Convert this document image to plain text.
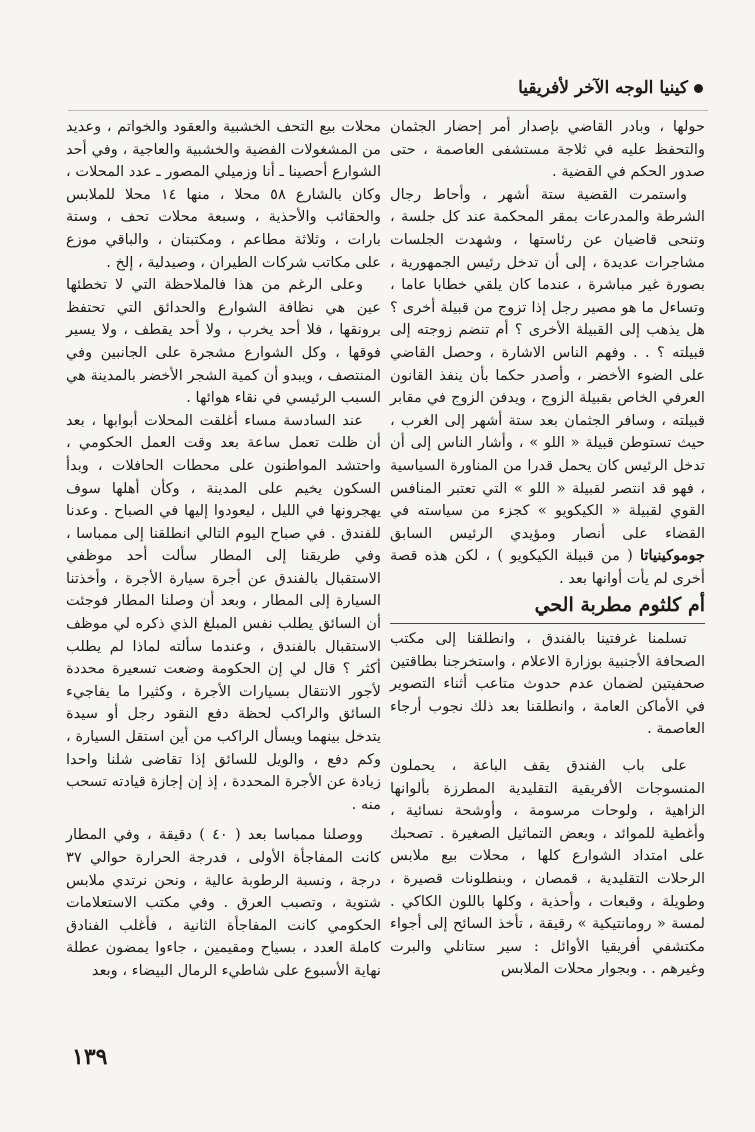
كينيا الوجه الآخر لأفريقيا

حولها ، وبادر القاضي بإصدار أمر إحضار الجثمان والتحفظ عليه في ثلاجة مستشفى العاصمة ، حتى صدور الحكم في القضية .

واستمرت القضية ستة أشهر ، وأحاط رجال الشرطة والمدرعات بمقر المحكمة عند كل جلسة ، وتنحى قاضيان عن رئاستها ، وشهدت الجلسات مشاجرات عديدة ، إلى أن تدخل رئيس الجمهورية ، بصورة غير مباشرة ، عندما كان يلقي خطابا عاما ، وتساءل ما هو مصير رجل إذا تزوج من قبيلة أخرى ؟ هل يذهب إلى القبيلة الأخرى ؟ أم تنضم زوجته إلى قبيلته ؟ . . وفهم الناس الاشارة ، وحصل القاضي على الضوء الأخضر ، وأصدر حكما بأن ينفذ القانون العرفي الخاص بقبيلة الزوج ، ويدفن الزوج في مقابر قبيلته ، وسافر الجثمان بعد ستة أشهر إلى الغرب ، حيث تستوطن قبيلة « اللو » ، وأشار الناس إلى أن تدخل الرئيس كان يحمل قدرا من المناورة السياسية ، فهو قد انتصر لقبيلة « اللو » التي تعتبر المنافس القوي لقبيلة « الكيكويو » كجزء من سياسته في القضاء على أنصار ومؤيدي الرئيس السابق جوموكينياتا ( من قبيلة الكيكويو ) ، لكن هذه قصة أخرى لم يأت أوانها بعد .

أم كلثوم مطربة الحي

تسلمنا غرفتينا بالفندق ، وانطلقنا إلى مكتب الصحافة الأجنبية بوزارة الاعلام ، واستخرجنا بطاقتين صحفيتين لضمان عدم حدوث متاعب أثناء التصوير في الأماكن العامة ، وانطلقنا بعد ذلك نجوب أرجاء العاصمة .

على باب الفندق يقف الباعة ، يحملون المنسوجات الأفريقية التقليدية المطرزة بألوانها الزاهية ، ولوحات مرسومة ، وأوشحة نسائية ، وأغطية للموائد ، وبعض التماثيل الصغيرة . تصحبك على امتداد الشوارع كلها ، محلات بيع ملابس الرحلات التقليدية ، قمصان ، وبنطلونات قصيرة ، وطويلة ، وقبعات ، وأحذية ، وكلها باللون الكاكي . لمسة « رومانتيكية » رقيقة ، تأخذ السائح إلى أجواء مكتشفي أفريقيا الأوائل : سير ستانلي والبرت وغيرهم . . وبجوار محلات الملابس

محلات بيع التحف الخشبية والعقود والخواتم ، وعديد من المشغولات الفضية والخشبية والعاجية ، وفي أحد الشوارع أحصينا ـ أنا وزميلي المصور ـ عدد المحلات ، وكان بالشارع ٥٨ محلا ، منها ١٤ محلا للملابس والحقائب والأحذية ، وسبعة محلات تحف ، وستة بارات ، وثلاثة مطاعم ، ومكتبتان ، والباقي موزع على مكاتب شركات الطيران ، وصيدلية ، إلخ .

وعلى الرغم من هذا فالملاحظة التي لا تخطئها عين هي نظافة الشوارع والحدائق التي تحتفظ برونقها ، فلا أحد يخرب ، ولا أحد يقطف ، ولا يسير فوقها ، وكل الشوارع مشجرة على الجانبين وفي المنتصف ، ويبدو أن كمية الشجر الأخضر بالمدينة هي السبب الرئيسي في نقاء هوائها .

عند السادسة مساء أغلقت المحلات أبوابها ، بعد أن ظلت تعمل ساعة بعد وقت العمل الحكومي ، واحتشد المواطنون على محطات الحافلات ، وبدأ السكون يخيم على المدينة ، وكأن أهلها سوف يهجرونها في الليل ، ليعودوا إليها في الصباح . وعدنا للفندق . في صباح اليوم التالي انطلقنا إلى ممباسا ، وفي طريقنا إلى المطار سألت أحد موظفي الاستقبال بالفندق عن أجرة سيارة الأجرة ، وأخذتنا السيارة إلى المطار ، وبعد أن وصلنا المطار فوجئت أن السائق يطلب نفس المبلغ الذي ذكره لي موظف الاستقبال بالفندق ، وعندما سألته لماذا لم يطلب أكثر ؟ قال لي إن الحكومة وضعت تسعيرة محددة لأجور الانتقال بسيارات الأجرة ، وكثيرا ما يفاجيء السائق والراكب لحظة دفع النقود رجل أو سيدة يتدخل بينهما ويسأل الراكب من أين استقل السيارة ، وكم دفع ، والويل للسائق إذا تقاضى شلنا واحدا زيادة عن الأجرة المحددة ، إذ إن إجازة قيادته تسحب منه .

ووصلنا ممباسا بعد ( ٤٠ ) دقيقة ، وفي المطار كانت المفاجأة الأولى ، فدرجة الحرارة حوالي ٣٧ درجة ، ونسبة الرطوبة عالية ، ونحن نرتدي ملابس شتوية ، وتصبب العرق . وفي مكتب الاستعلامات الحكومي كانت المفاجأة الثانية ، فأغلب الفنادق كاملة العدد ، بسياح ومقيمين ، جاءوا يمضون عطلة نهاية الأسبوع على شاطيء الرمال البيضاء ، وبعد

١٣٩
